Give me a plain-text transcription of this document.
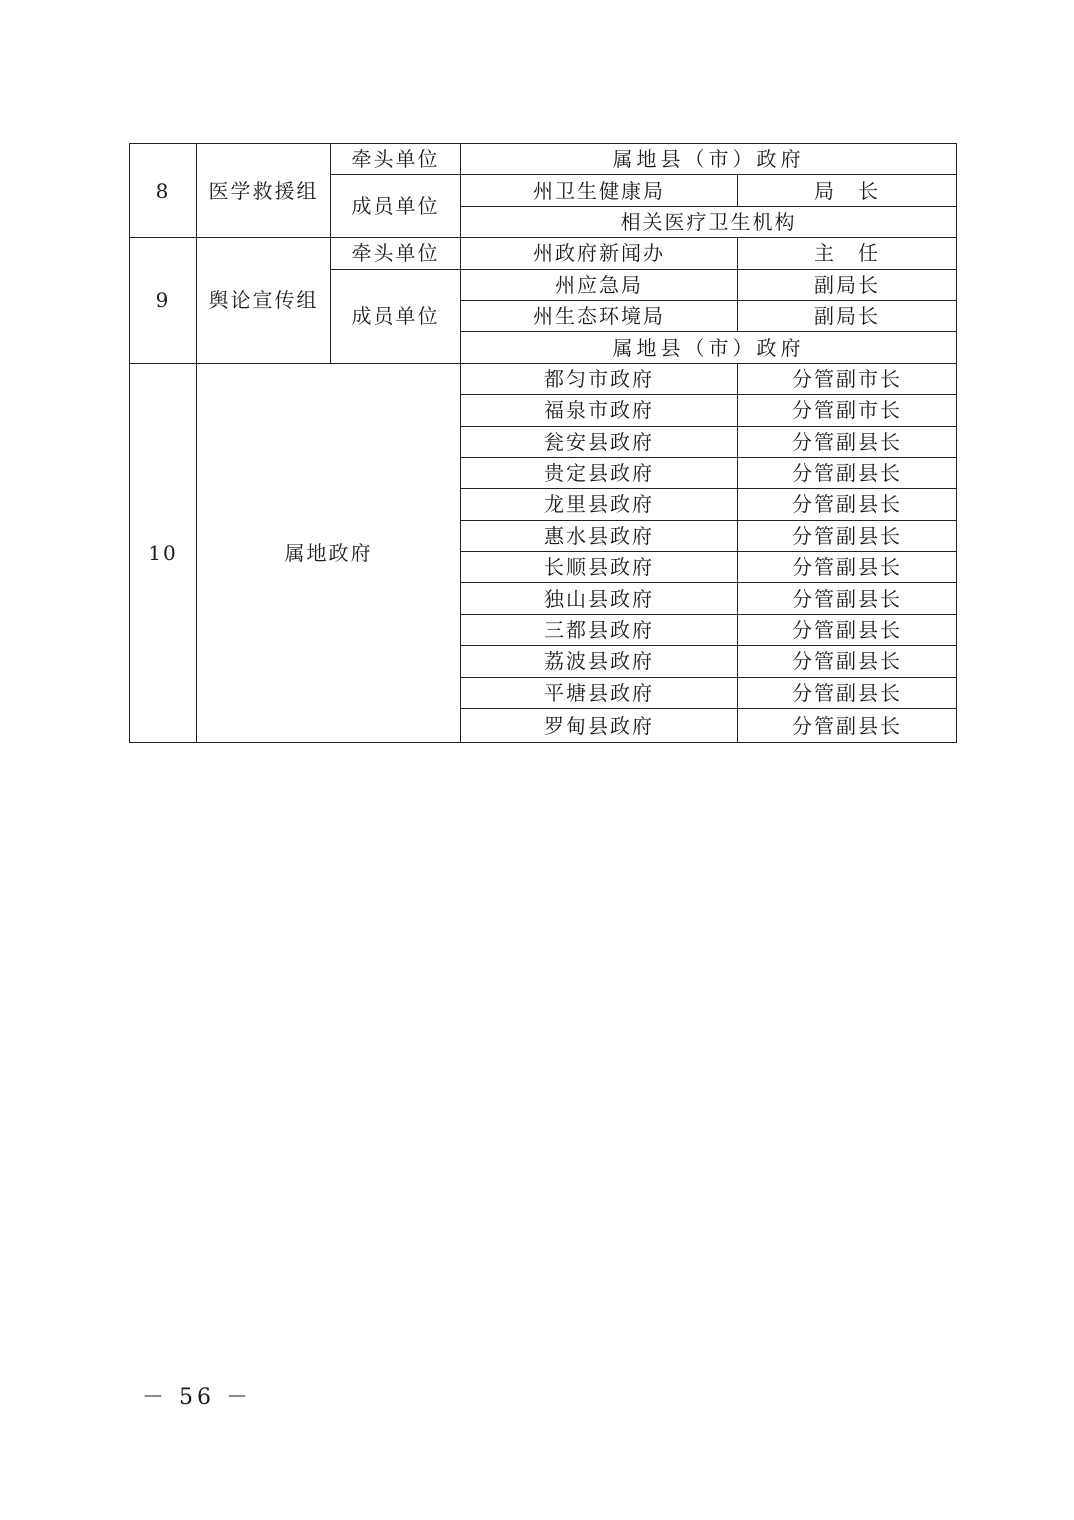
8	医学救援组	牵头单位	属地县（市）政府	
		成员单位	州卫生健康局	局　长
			相关医疗卫生机构	
9	舆论宣传组	牵头单位	州政府新闻办	主　任
		成员单位	州应急局	副局长
			州生态环境局	副局长
			属地县（市）政府	
10	属地政府		都匀市政府	分管副市长
			福泉市政府	分管副市长
			瓮安县政府	分管副县长
			贵定县政府	分管副县长
			龙里县政府	分管副县长
			惠水县政府	分管副县长
			长顺县政府	分管副县长
			独山县政府	分管副县长
			三都县政府	分管副县长
			荔波县政府	分管副县长
			平塘县政府	分管副县长
			罗甸县政府	分管副县长
－ 56 －
